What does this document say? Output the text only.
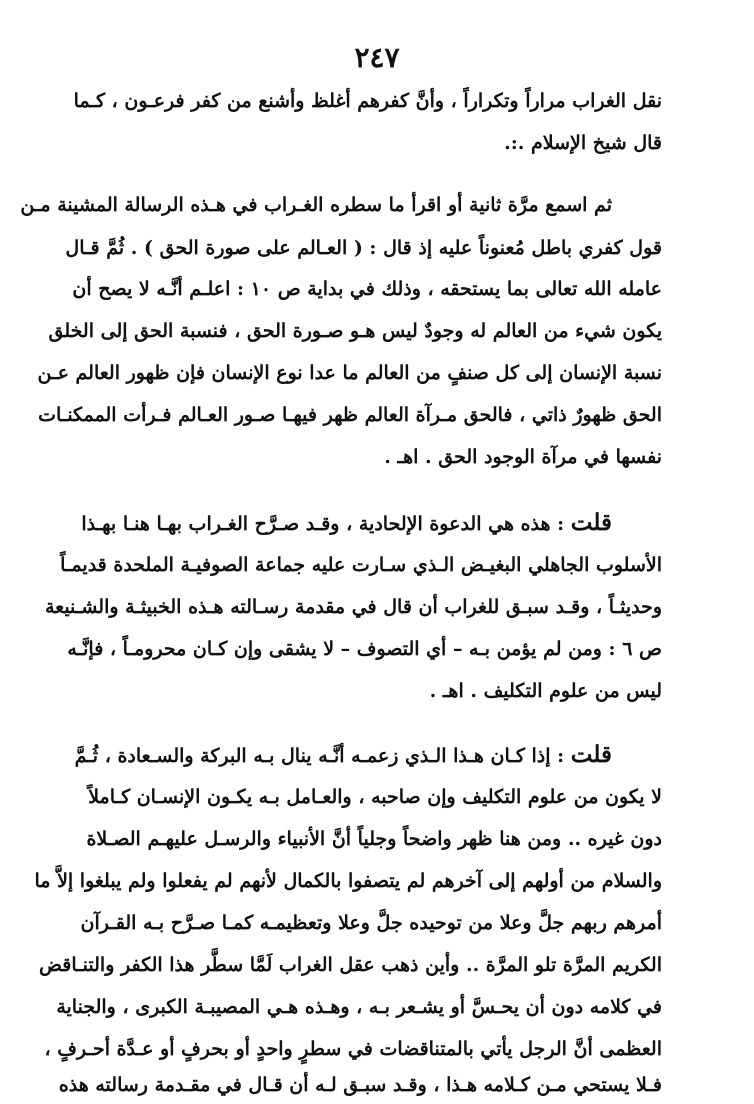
٢٤٧
نقل الغراب مراراً وتكراراً ، وأنَّ كفرهم أغلظ وأشنع من كفر فرعـون ، كـما
قال شيخ الإسلام .:.
ثم اسمع مرَّة ثانية أو اقرأ ما سطره الغـراب في هـذه الرسالة المشينة مـن
قول كفري باطل مُعنوناً عليه إذ قال : ( العـالم على صورة الحق ) . ثُمَّ قـال
عامله الله تعالى بما يستحقه ، وذلك في بداية ص ١٠ : اعلـم أنَّـه لا يصح أن
يكون شيء من العالم له وجودٌ ليس هـو صـورة الحق ، فنسبة الحق إلى الخلق
نسبة الإنسان إلى كل صنفٍ من العالم ما عدا نوع الإنسان فإن ظهور العالم عـن
الحق ظهورٌ ذاتي ، فالحق مـرآة العالم ظهر فيهـا صـور العـالم فـرأت الممكنـات
نفسها في مرآة الوجود الحق . اهـ .
قلت : هذه هي الدعوة الإلحادية ، وقـد صـرَّح الغـراب بهـا هنـا بهـذا
الأسلوب الجاهلي البغيـض الـذي سـارت عليه جماعة الصوفيـة الملحدة قديمـاً
وحديثـاً ، وقـد سبـق للغراب أن قال في مقدمة رسـالته هـذه الخبيثـة والشـنيعة
ص ٦ : ومن لم يؤمن بـه – أي التصوف – لا يشقى وإن كـان محرومـاً ، فإنَّـه
ليس من علوم التكليف . اهـ .
قلت : إذا كـان هـذا الـذي زعمـه أنَّـه ينال بـه البركة والسـعادة ، ثُـمَّ
لا يكون من علوم التكليف وإن صاحبه ، والعـامل بـه يكـون الإنسـان كـاملاً
دون غيره .. ومن هنا ظهر واضحاً وجلياً أنَّ الأنبياء والرسـل عليهـم الصـلاة
والسلام من أولهم إلى آخرهم لم يتصفوا بالكمال لأنهم لم يفعلوا ولم يبلغوا إلاَّ ما
أمرهم ربهم جلَّ وعلا من توحيده جلَّ وعلا وتعظيمـه كمـا صـرَّح بـه القـرآن
الكريم المرَّة تلو المرَّة .. وأين ذهب عقل الغراب لَمَّا سطَّر هذا الكفر والتنـاقض
في كلامه دون أن يحـسَّ أو يشـعر بـه ، وهـذه هـي المصيبـة الكبرى ، والجناية
العظمى أنَّ الرجل يأتي بالمتناقضات في سطرٍ واحدٍ أو بحرفٍ أو عـدَّة أحـرفٍ ،
فـلا يستحي مـن كـلامه هـذا ، وقـد سبـق لـه أن قـال في مقـدمة رسالته هذه
